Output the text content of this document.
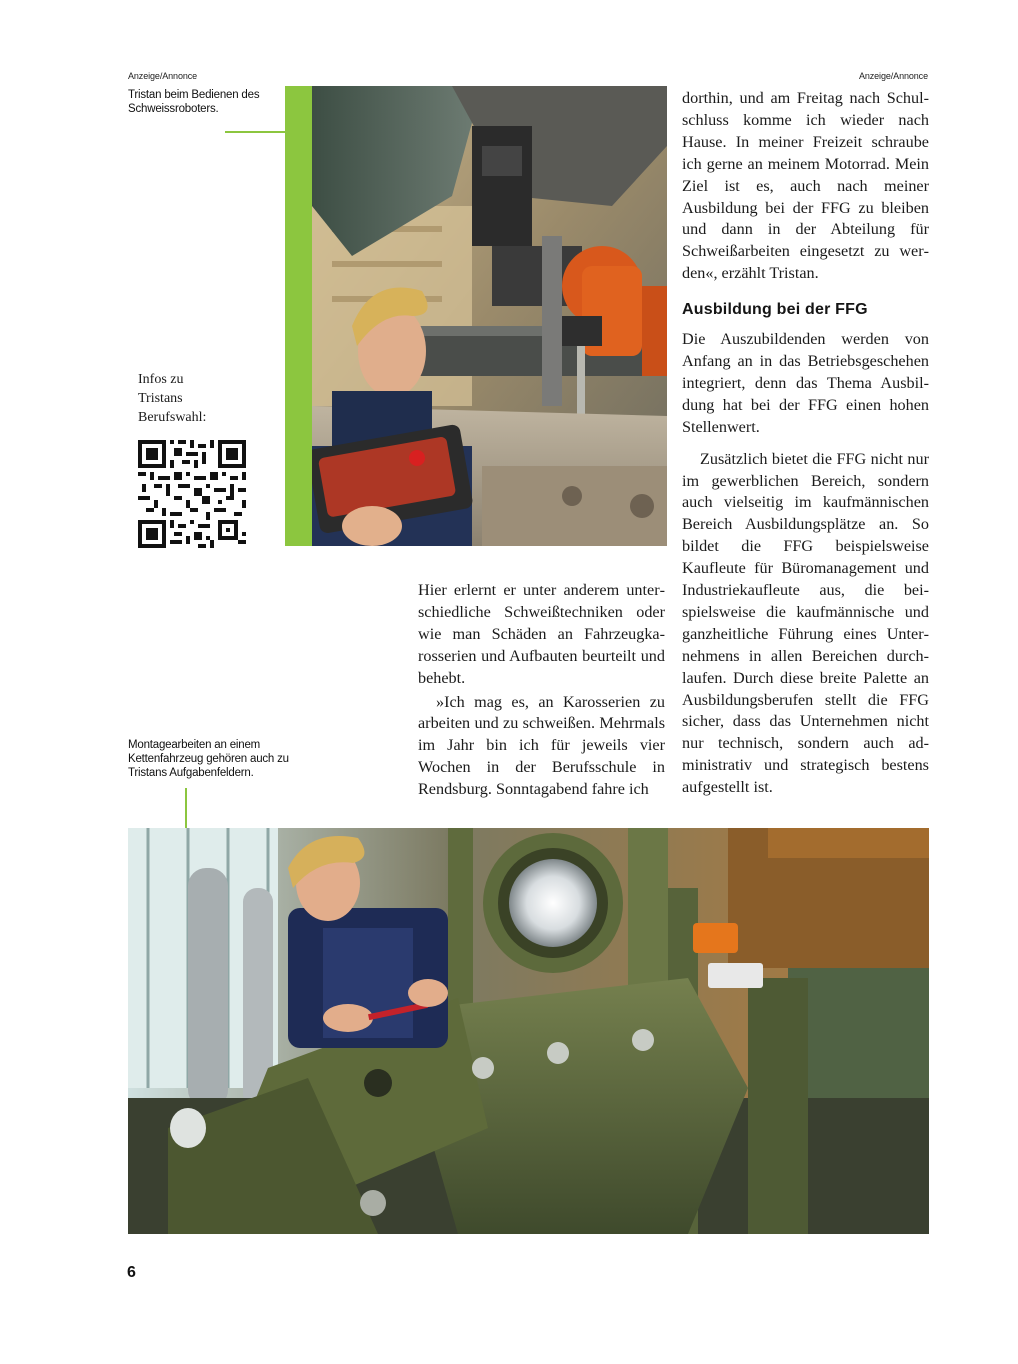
Anzeige/Annonce	Anzeige/Annonce
Tristan beim Bedienen des Schweissroboters.
Infos zu Tristans Berufswahl:

Hier erlernt er unter anderem unterschiedliche Schweißtechniken oder wie man Schäden an Fahrzeugkarosserien und Aufbauten beurteilt und behebt.

»Ich mag es, an Karosserien zu arbeiten und zu schweißen. Mehrmals im Jahr bin ich für jeweils vier Wochen in der Berufsschule in Rendsburg. Sonntagabend fahre ich

dorthin, und am Freitag nach Schulschluss komme ich wieder nach Hause. In meiner Freizeit schraube ich gerne an meinem Motorrad. Mein Ziel ist es, auch nach meiner Ausbildung bei der FFG zu bleiben und dann in der Abteilung für Schweißarbeiten eingesetzt zu werden«, erzählt Tristan.

Ausbildung bei der FFG

Die Auszubildenden werden von Anfang an in das Betriebsgeschehen integriert, denn das Thema Ausbildung hat bei der FFG einen hohen Stellenwert.

Zusätzlich bietet die FFG nicht nur im gewerblichen Bereich, sondern auch vielseitig im kaufmännischen Bereich Ausbildungsplätze an. So bildet die FFG beispielsweise Kaufleute für Büromanagement und Industriekaufleute aus, die beispielsweise die kaufmännische und ganzheitliche Führung eines Unternehmens in allen Bereichen durchlaufen. Durch diese breite Palette an Ausbildungsberufen stellt die FFG sicher, dass das Unternehmen nicht nur technisch, sondern auch administrativ und strategisch bestens aufgestellt ist.

Montagearbeiten an einem Kettenfahrzeug gehören auch zu Tristans Aufgabenfeldern.
6
